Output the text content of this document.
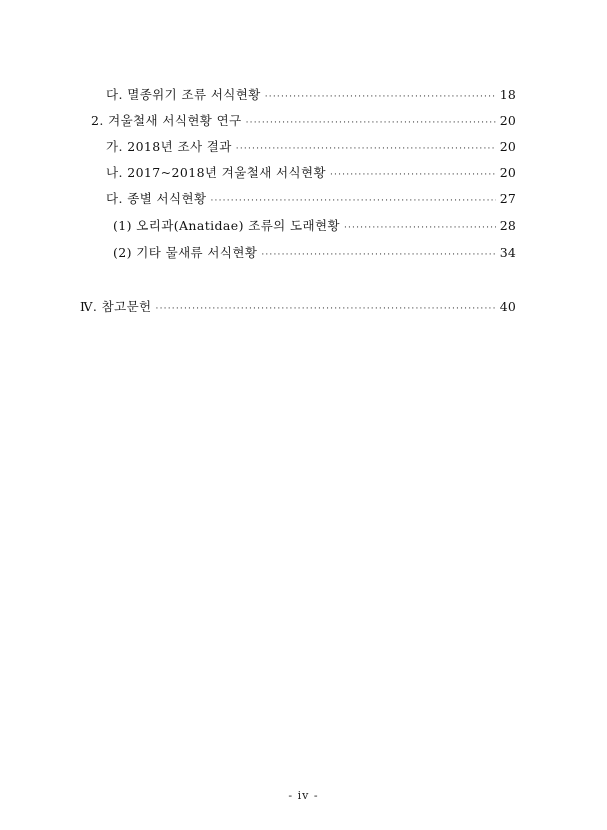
다. 멸종위기 조류 서식현황 ·····	18
2. 겨울철새 서식현황 연구 ·····	20
가. 2018년 조사 결과 ·····	20
나. 2017~2018년 겨울철새 서식현황 ·····	20
다. 종별 서식현황 ·····	27
(1) 오리과(Anatidae) 조류의 도래현황 ·····	28
(2) 기타 물새류 서식현황 ·····	34
Ⅳ. 참고문헌 ·····	40
- iv -
